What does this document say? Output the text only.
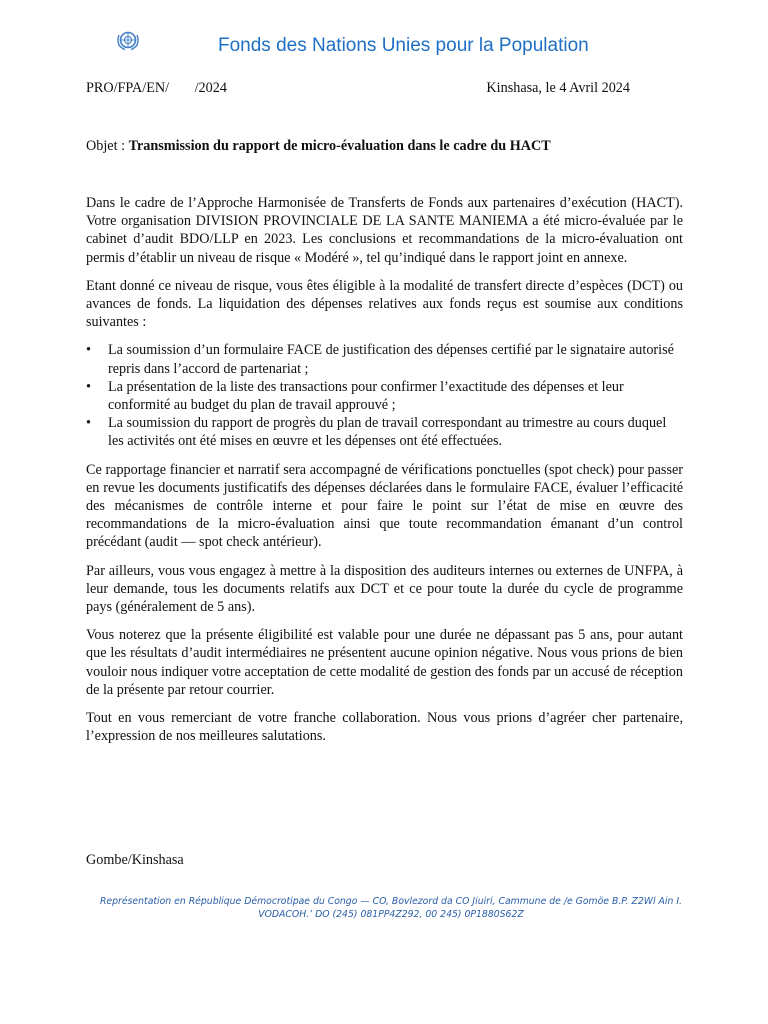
Fonds des Nations Unies pour la Population
PRO/FPA/EN/ /2024	Kinshasa, le 4 Avril 2024
Objet : Transmission du rapport de micro-évaluation dans le cadre du HACT

Dans le cadre de l’Approche Harmonisée de Transferts de Fonds aux partenaires d’exécution (HACT). Votre organisation DIVISION PROVINCIALE DE LA SANTE MANIEMA a été micro-évaluée par le cabinet d’audit BDO/LLP en 2023. Les conclusions et recommandations de la micro-évaluation ont permis d’établir un niveau de risque « Modéré », tel qu’indiqué dans le rapport joint en annexe.

Etant donné ce niveau de risque, vous êtes éligible à la modalité de transfert directe d’espèces (DCT) ou avances de fonds. La liquidation des dépenses relatives aux fonds reçus est soumise aux conditions suivantes :

• La soumission d’un formulaire FACE de justification des dépenses certifié par le signataire autorisé repris dans l’accord de partenariat ;
• La présentation de la liste des transactions pour confirmer l’exactitude des dépenses et leur conformité au budget du plan de travail approuvé ;
• La soumission du rapport de progrès du plan de travail correspondant au trimestre au cours duquel les activités ont été mises en œuvre et les dépenses ont été effectuées.

Ce rapportage financier et narratif sera accompagné de vérifications ponctuelles (spot check) pour passer en revue les documents justificatifs des dépenses déclarées dans le formulaire FACE, évaluer l’efficacité des mécanismes de contrôle interne et pour faire le point sur l’état de mise en œuvre des recommandations de la micro-évaluation ainsi que toute recommandation émanant d’un control précédant (audit — spot check antérieur).

Par ailleurs, vous vous engagez à mettre à la disposition des auditeurs internes ou externes de UNFPA, à leur demande, tous les documents relatifs aux DCT et ce pour toute la durée du cycle de programme pays (généralement de 5 ans).

Vous noterez que la présente éligibilité est valable pour une durée ne dépassant pas 5 ans, pour autant que les résultats d’audit intermédiaires ne présentent aucune opinion négative. Nous vous prions de bien vouloir nous indiquer votre acceptation de cette modalité de gestion des fonds par un accusé de réception de la présente par retour courrier.

Tout en vous remerciant de votre franche collaboration. Nous vous prions d’agréer cher partenaire, l’expression de nos meilleures salutations.

Gombe/Kinshasa
Représentation en République Démocrotipae du Congo — CO, Bovlezord da CO Jiuiri, Cammune de /e Gomöe B.P. Z2Wl Ain I.
VODACOH.’ DO (245) 081PP4Z292, 00 245) 0P1880S62Z
